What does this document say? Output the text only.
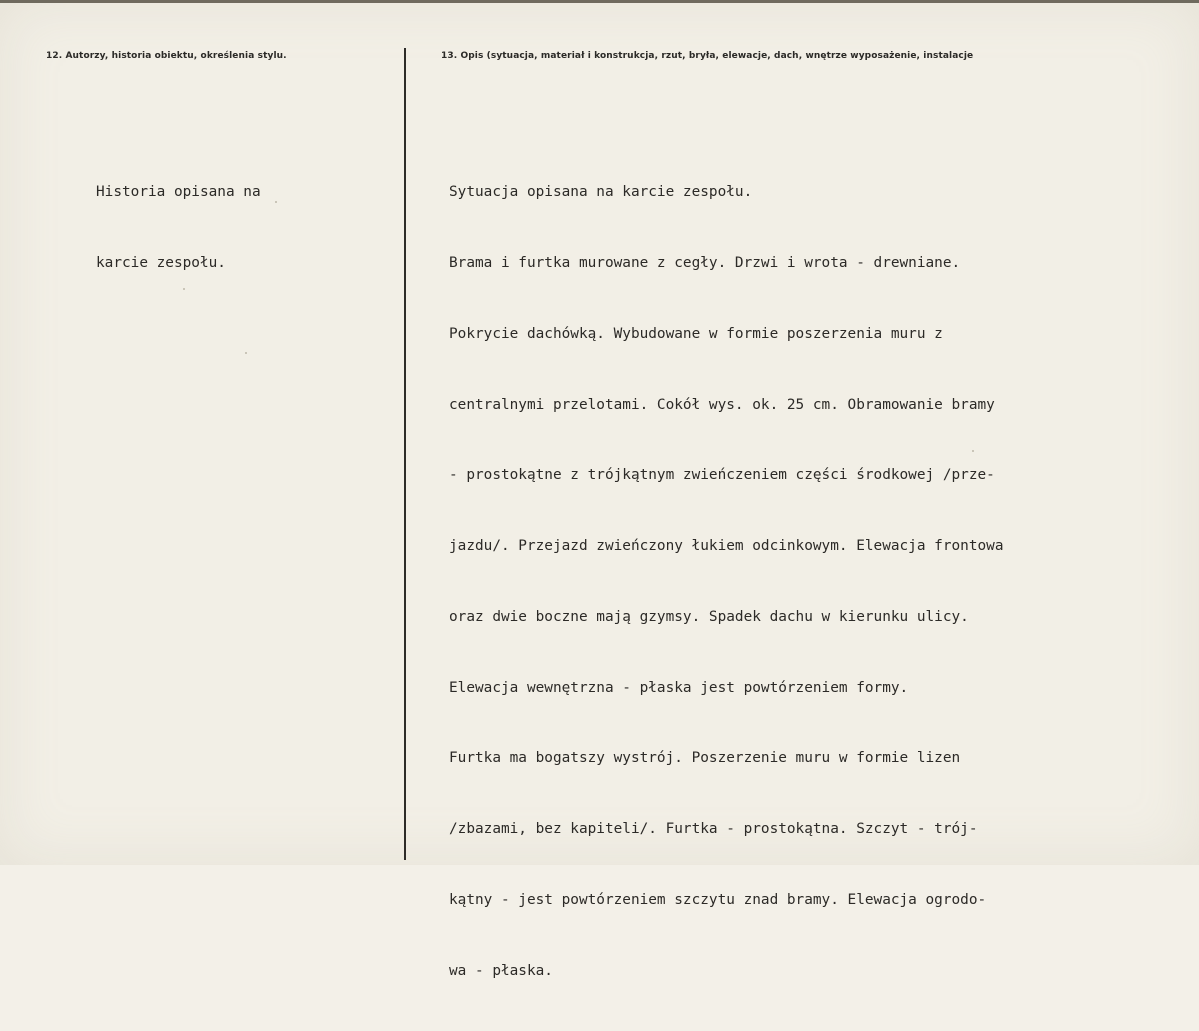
12. Autorzy, historia obiektu, określenia stylu.	13. Opis (sytuacja, materiał i konstrukcja, rzut, bryła, elewacje, dach, wnętrze wyposażenie, instalacje

Historia opisana na

karcie zespołu.

Sytuacja opisana na karcie zespołu.

Brama i furtka murowane z cegły. Drzwi i wrota - drewniane.

Pokrycie dachówką. Wybudowane w formie poszerzenia muru z

centralnymi przelotami. Cokół wys. ok. 25 cm. Obramowanie bramy

- prostokątne z trójkątnym zwieńczeniem części środkowej /prze-

jazdu/. Przejazd zwieńczony łukiem odcinkowym. Elewacja frontowa

oraz dwie boczne mają gzymsy. Spadek dachu w kierunku ulicy.

Elewacja wewnętrzna - płaska jest powtórzeniem formy.

Furtka ma bogatszy wystrój. Poszerzenie muru w formie lizen

/zbazami, bez kapiteli/. Furtka - prostokątna. Szczyt - trój-

kątny - jest powtórzeniem szczytu znad bramy. Elewacja ogrodo-

wa - płaska.
